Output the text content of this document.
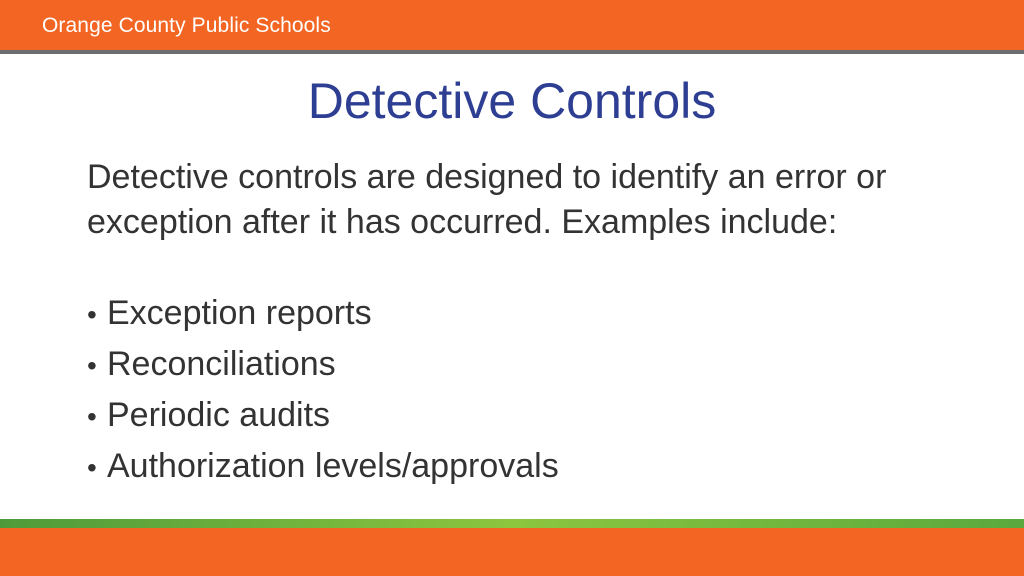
Orange County Public Schools
Detective Controls
Detective controls are designed to identify an error or exception after it has occurred. Examples include:
• Exception reports
• Reconciliations
• Periodic audits
• Authorization levels/approvals
